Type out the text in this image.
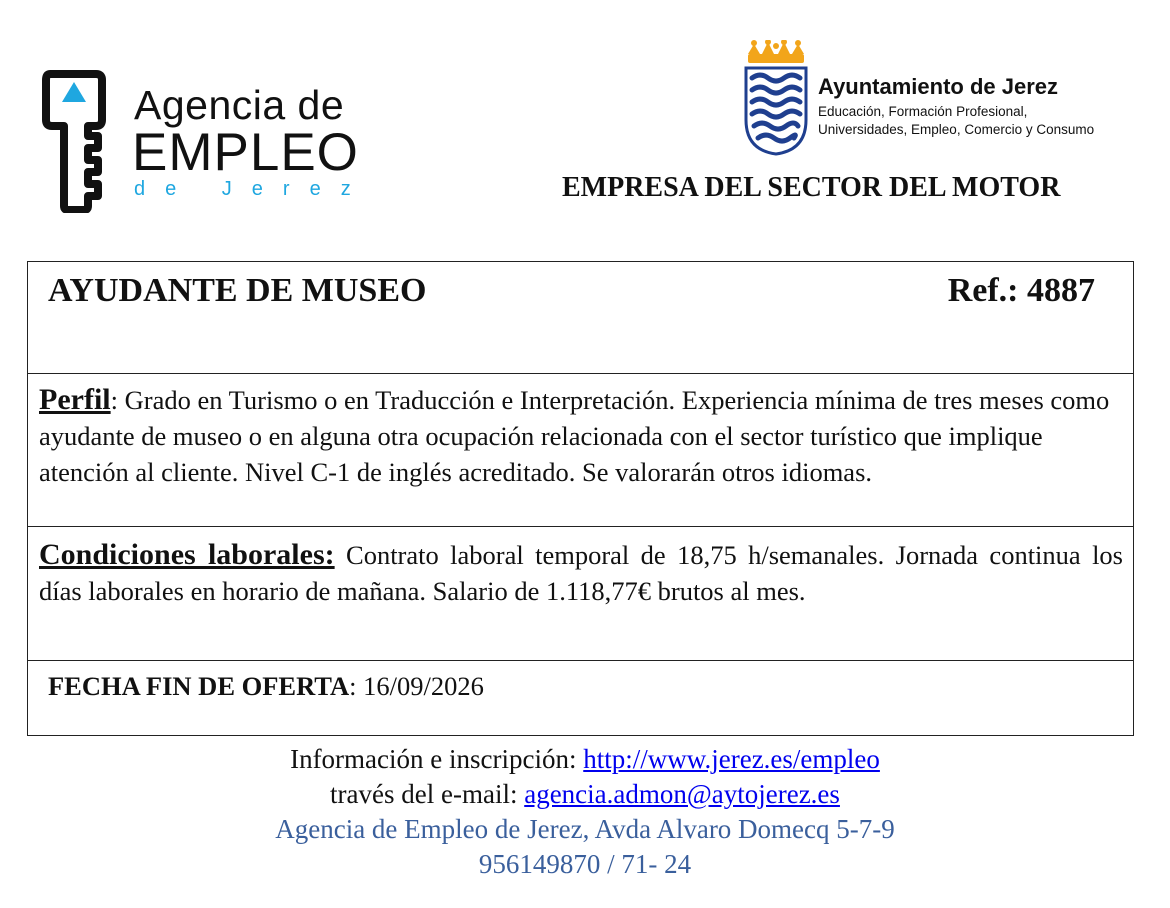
Agencia de
EMPLEO
de Jerez
Ayuntamiento de Jerez
Educación, Formación Profesional,
Universidades, Empleo, Comercio y Consumo
EMPRESA DEL SECTOR DEL MOTOR
AYUDANTE DE MUSEO	Ref.: 4887
Perfil: Grado en Turismo o en Traducción e Interpretación. Experiencia mínima de tres meses como ayudante de museo o en alguna otra ocupación relacionada con el sector turístico que implique atención al cliente. Nivel C-1 de inglés acreditado. Se valorarán otros idiomas.
Condiciones laborales: Contrato laboral temporal de 18,75 h/semanales. Jornada continua los días laborales en horario de mañana. Salario de 1.118,77€ brutos al mes.
FECHA FIN DE OFERTA: 16/09/2026
Información e inscripción: http://www.jerez.es/empleo
través del e-mail: agencia.admon@aytojerez.es
Agencia de Empleo de Jerez, Avda Alvaro Domecq 5-7-9
956149870 / 71- 24
